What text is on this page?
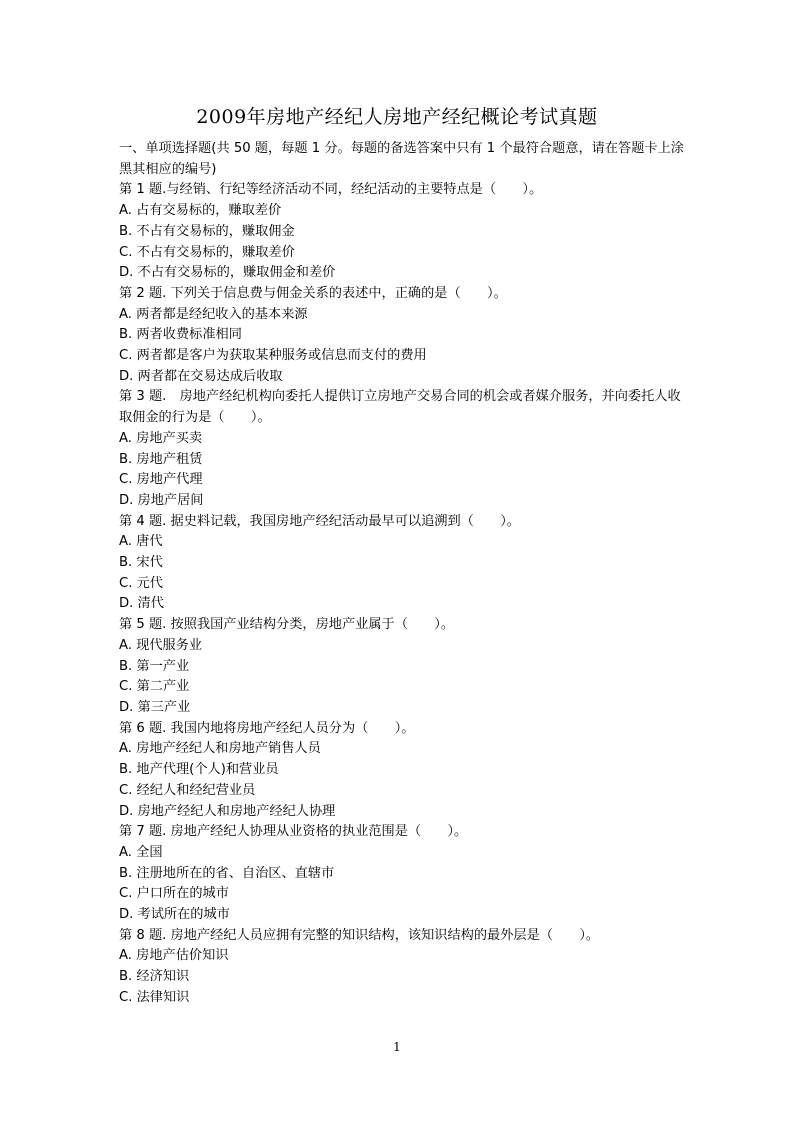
2009年房地产经纪人房地产经纪概论考试真题

一、单项选择题(共 50 题，每题 1 分。每题的备选答案中只有 1 个最符合题意，请在答题卡上涂黑其相应的编号)

第 1 题.与经销、行纪等经济活动不同，经纪活动的主要特点是（　　）。

A. 占有交易标的，赚取差价

B. 不占有交易标的，赚取佣金

C. 不占有交易标的，赚取差价

D. 不占有交易标的，赚取佣金和差价

第 2 题. 下列关于信息费与佣金关系的表述中，正确的是（　　）。

A. 两者都是经纪收入的基本来源

B. 两者收费标准相同

C. 两者都是客户为获取某种服务或信息而支付的费用

D. 两者都在交易达成后收取

第 3 题.　房地产经纪机构向委托人提供订立房地产交易合同的机会或者媒介服务，并向委托人收取佣金的行为是（　　）。

A. 房地产买卖

B. 房地产租赁

C. 房地产代理

D. 房地产居间

第 4 题. 据史料记载，我国房地产经纪活动最早可以追溯到（　　）。

A. 唐代

B. 宋代

C. 元代

D. 清代

第 5 题. 按照我国产业结构分类，房地产业属于（　　）。

A. 现代服务业

B. 第一产业

C. 第二产业

D. 第三产业

第 6 题. 我国内地将房地产经纪人员分为（　　）。

A. 房地产经纪人和房地产销售人员

B. 地产代理(个人)和营业员

C. 经纪人和经纪营业员

D. 房地产经纪人和房地产经纪人协理

第 7 题. 房地产经纪人协理从业资格的执业范围是（　　）。

A. 全国

B. 注册地所在的省、自治区、直辖市

C. 户口所在的城市

D. 考试所在的城市

第 8 题. 房地产经纪人员应拥有完整的知识结构，该知识结构的最外层是（　　）。

A. 房地产估价知识

B. 经济知识

C. 法律知识

1
